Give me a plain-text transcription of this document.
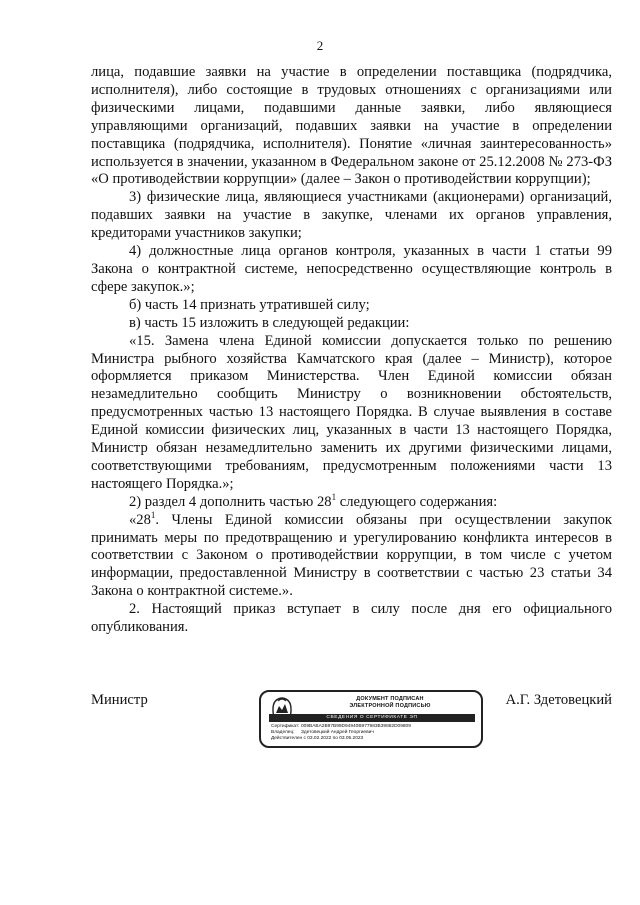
2

лица, подавшие заявки на участие в определении поставщика (подрядчика, исполнителя), либо состоящие в трудовых отношениях с организациями или физическими лицами, подавшими данные заявки, либо являющиеся управляющими организаций, подавших заявки на участие в определении поставщика (подрядчика, исполнителя). Понятие «личная заинтересованность» используется в значении, указанном в Федеральном законе от 25.12.2008 № 273-ФЗ «О противодействии коррупции» (далее – Закон о противодействии коррупции);

3) физические лица, являющиеся участниками (акционерами) организаций, подавших заявки на участие в закупке, членами их органов управления, кредиторами участников закупки;

4) должностные лица органов контроля, указанных в части 1 статьи 99 Закона о контрактной системе, непосредственно осуществляющие контроль в сфере закупок.»;

б) часть 14 признать утратившей силу;

в) часть 15 изложить в следующей редакции:

«15. Замена члена Единой комиссии допускается только по решению Министра рыбного хозяйства Камчатского края (далее – Министр), которое оформляется приказом Министерства. Член Единой комиссии обязан незамедлительно сообщить Министру о возникновении обстоятельств, предусмотренных частью 13 настоящего Порядка. В случае выявления в составе Единой комиссии физических лиц, указанных в части 13 настоящего Порядка, Министр обязан незамедлительно заменить их другими физическими лицами, соответствующими требованиям, предусмотренным положениями части 13 настоящего Порядка.»;

2) раздел 4 дополнить частью $28^1$ следующего содержания:

«$28^1$. Члены Единой комиссии обязаны при осуществлении закупок принимать меры по предотвращению и урегулированию конфликта интересов в соответствии с Законом о противодействии коррупции, в том числе с учетом информации, предоставленной Министру в соответствии с частью 23 статьи 34 Закона о контрактной системе.».

2. Настоящий приказ вступает в силу после дня его официального опубликования.

Министр	ДОКУМЕНТ ПОДПИСАН
ЭЛЕКТРОННОЙ ПОДПИСЬЮ
СВЕДЕНИЯ О СЕРТИФИКАТЕ ЭП
Сертификат: 009BABA2B97B99D94940B977983B39882D09809
Владелец: Здетовецкий Андрей Георгиевич
Действителен с 03.02.2022 по 03.05.2023
А.Г. Здетовецкий
